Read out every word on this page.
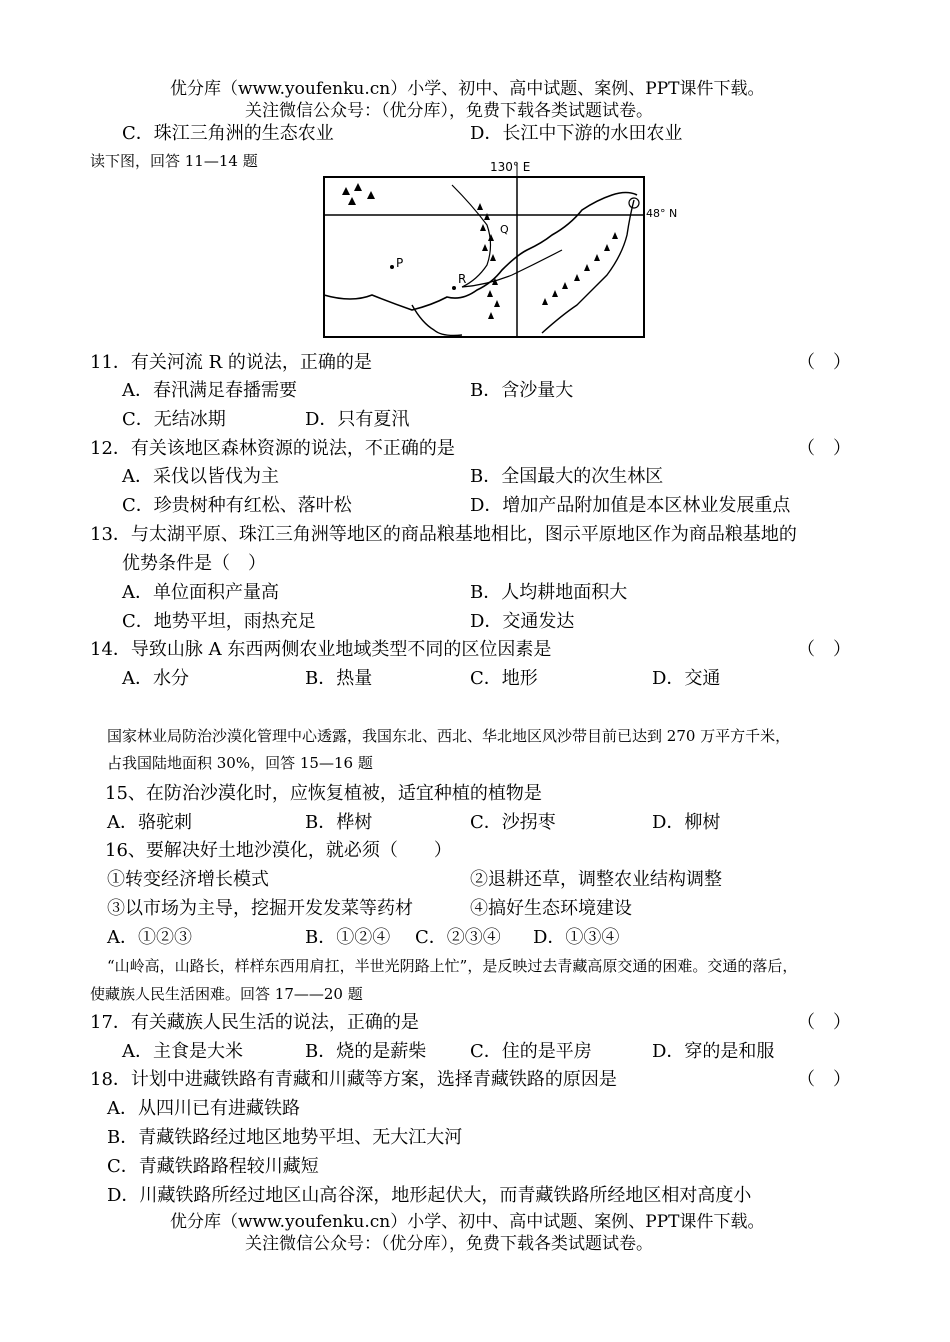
优分库（www.youfenku.cn）小学、初中、高中试题、案例、PPT课件下载。
关注微信公众号：（优分库），免费下载各类试题试卷。
C．珠江三角洲的生态农业	D．长江中下游的水田农业
读下图，回答 11—14 题	130° E
48° N
P
Q
R
11．有关河流 R 的说法，正确的是	（　）
A．春汛满足春播需要	B．含沙量大
C．无结冰期	D．只有夏汛
12．有关该地区森林资源的说法，不正确的是	（　）
A．采伐以皆伐为主	B．全国最大的次生林区
C．珍贵树种有红松、落叶松	D．增加产品附加值是本区林业发展重点
13．与太湖平原、珠江三角洲等地区的商品粮基地相比，图示平原地区作为商品粮基地的
优势条件是（　）
A．单位面积产量高	B．人均耕地面积大
C．地势平坦，雨热充足	D．交通发达
14．导致山脉 A 东西两侧农业地域类型不同的区位因素是	（　）
A．水分	B．热量	C．地形	D．交通
国家林业局防治沙漠化管理中心透露，我国东北、西北、华北地区风沙带目前已达到 270 万平方千米，
占我国陆地面积 30%，回答 15—16 题
15、在防治沙漠化时，应恢复植被，适宜种植的植物是
A．骆驼刺	B．桦树	C．沙拐枣	D．柳树
16、要解决好土地沙漠化，就必须（　　）
①转变经济增长模式	②退耕还草，调整农业结构调整
③以市场为主导，挖掘开发发菜等药材	④搞好生态环境建设
A．①②③	B．①②④ C．②③④ D．①③④
“山岭高，山路长，样样东西用肩扛，半世光阴路上忙”，是反映过去青藏高原交通的困难。交通的落后，
使藏族人民生活困难。回答 17——20 题
17．有关藏族人民生活的说法，正确的是	（　）
A．主食是大米	B．烧的是薪柴 C．住的是平房	D．穿的是和服
18．计划中进藏铁路有青藏和川藏等方案，选择青藏铁路的原因是	（　）
A．从四川已有进藏铁路
B．青藏铁路经过地区地势平坦、无大江大河
C．青藏铁路路程较川藏短
D．川藏铁路所经过地区山高谷深，地形起伏大，而青藏铁路所经地区相对高度小
优分库（www.youfenku.cn）小学、初中、高中试题、案例、PPT课件下载。
关注微信公众号：（优分库），免费下载各类试题试卷。
